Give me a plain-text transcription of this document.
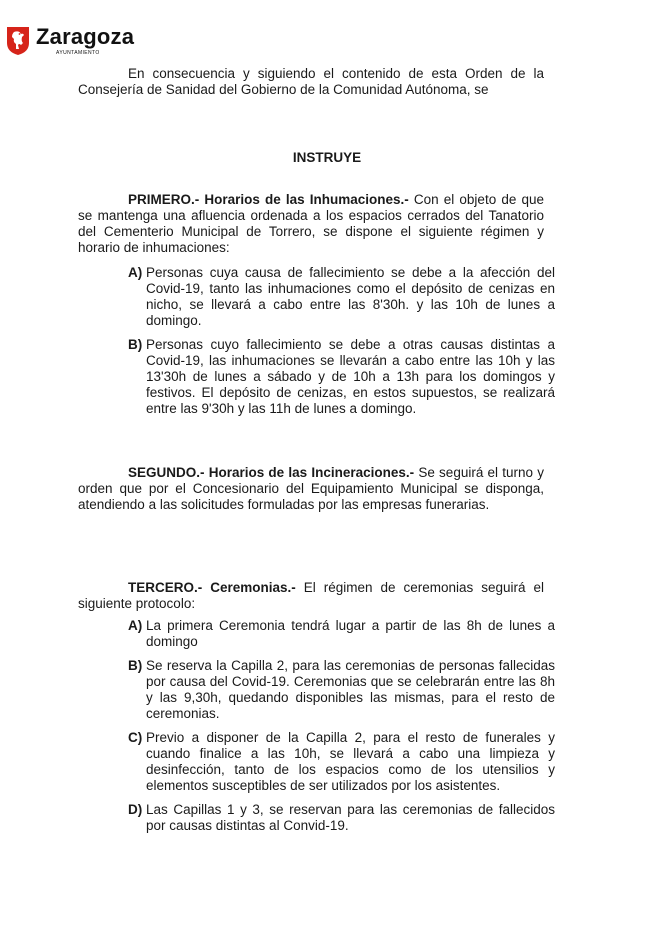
Zaragoza
AYUNTAMIENTO

En consecuencia y siguiendo el contenido de esta Orden de la Consejería de Sanidad del Gobierno de la Comunidad Autónoma, se

INSTRUYE

PRIMERO.- Horarios de las Inhumaciones.- Con el objeto de que se mantenga una afluencia ordenada a los espacios cerrados del Tanatorio del Cementerio Municipal de Torrero, se dispone el siguiente régimen y horario de inhumaciones:

A) Personas cuya causa de fallecimiento se debe a la afección del Covid-19, tanto las inhumaciones como el depósito de cenizas en nicho, se llevará a cabo entre las 8'30h. y las 10h de lunes a domingo.
B) Personas cuyo fallecimiento se debe a otras causas distintas a Covid-19, las inhumaciones se llevarán a cabo entre las 10h y las 13'30h de lunes a sábado y de 10h a 13h para los domingos y festivos. El depósito de cenizas, en estos supuestos, se realizará entre las 9'30h y las 11h de lunes a domingo.

SEGUNDO.- Horarios de las Incineraciones.- Se seguirá el turno y orden que por el Concesionario del Equipamiento Municipal se disponga, atendiendo a las solicitudes formuladas por las empresas funerarias.

TERCERO.- Ceremonias.- El régimen de ceremonias seguirá el siguiente protocolo:

A) La primera Ceremonia tendrá lugar a partir de las 8h de lunes a domingo
B) Se reserva la Capilla 2, para las ceremonias de personas fallecidas por causa del Covid-19. Ceremonias que se celebrarán entre las 8h y las 9,30h, quedando disponibles las mismas, para el resto de ceremonias.
C) Previo a disponer de la Capilla 2, para el resto de funerales y cuando finalice a las 10h, se llevará a cabo una limpieza y desinfección, tanto de los espacios como de los utensilios y elementos susceptibles de ser utilizados por los asistentes.
D) Las Capillas 1 y 3, se reservan para las ceremonias de fallecidos por causas distintas al Convid-19.
